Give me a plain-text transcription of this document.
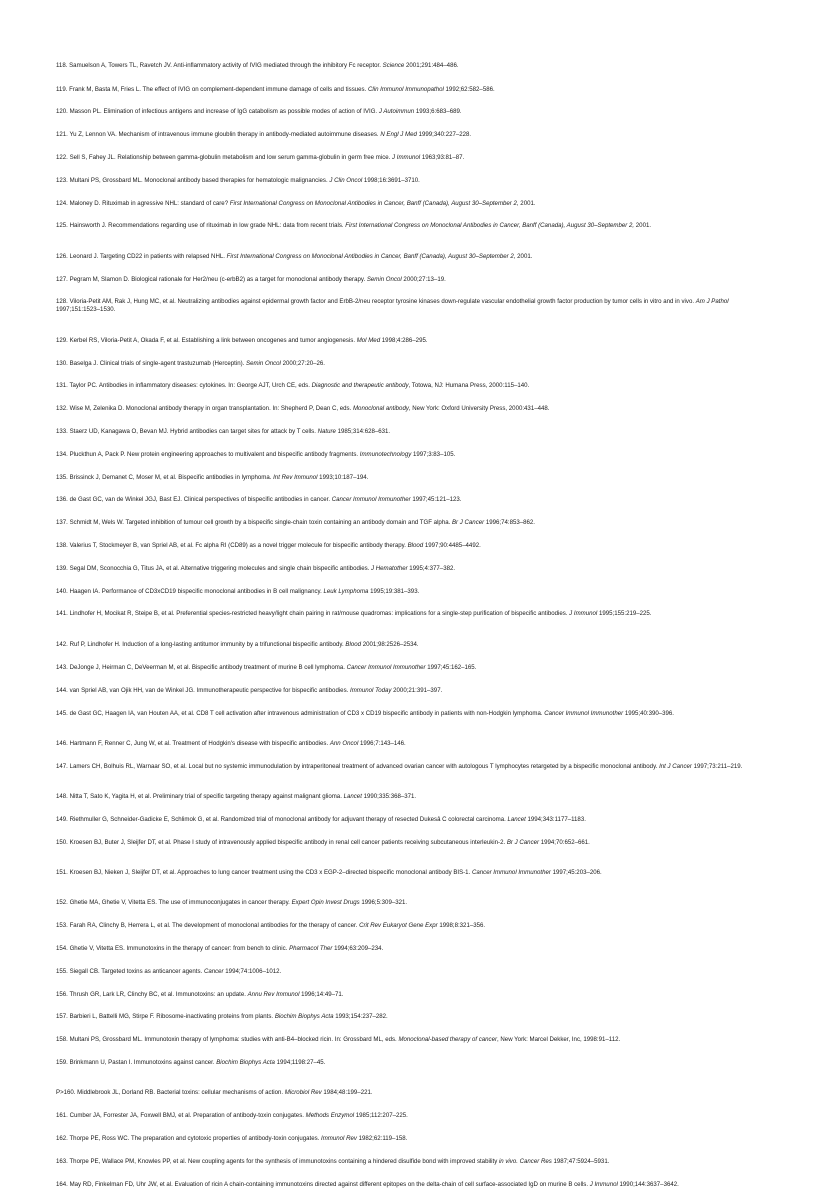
118. Samuelson A, Towers TL, Ravetch JV. Anti-inflammatory activity of IVIG mediated through the inhibitory Fc receptor. Science 2001;291:484–486.

119. Frank M, Basta M, Fries L. The effect of IVIG on complement-dependent immune damage of cells and tissues. Clin Immunol Immunopathol 1992;62:582–586.

120. Masson PL. Elimination of infectious antigens and increase of IgG catabolism as possible modes of action of IVIG. J Autoimmun 1993;6:683–689.

121. Yu Z, Lennon VA. Mechanism of intravenous immune gloublin therapy in antibody-mediated autoimmune diseases. N Engl J Med 1999;340:227–228.

122. Sell S, Fahey JL. Relationship between gamma-globulin metabolism and low serum gamma-globulin in germ free mice. J Immunol 1963;93:81–87.

123. Multani PS, Grossbard ML. Monoclonal antibody based therapies for hematologic malignancies. J Clin Oncol 1998;16:3691–3710.

124. Maloney D. Rituximab in agressive NHL: standard of care? First International Congress on Monoclonal Antibodies in Cancer, Banff (Canada), August 30–September 2, 2001.

125. Hainsworth J. Recommendations regarding use of rituximab in low grade NHL: data from recent trials. First International Congress on Monoclonal Antibodies in Cancer, Banff (Canada), August 30–September 2, 2001.

126. Leonard J. Targeting CD22 in patients with relapsed NHL. First International Congress on Monoclonal Antibodies in Cancer, Banff (Canada), August 30–September 2, 2001.

127. Pegram M, Slamon D. Biological rationale for Her2/neu (c-erbB2) as a target for monoclonal antibody therapy. Semin Oncol 2000;27:13–19.

128. Viloria-Petit AM, Rak J, Hung MC, et al. Neutralizing antibodies against epidermal growth factor and ErbB-2/neu receptor tyrosine kinases down-regulate vascular endothelial growth factor production by tumor cells in vitro and in vivo. Am J Pathol 1997;151:1523–1530.

129. Kerbel RS, Viloria-Petit A, Okada F, et al. Establishing a link between oncogenes and tumor angiogenesis. Mol Med 1998;4:286–295.

130. Baselga J. Clinical trials of single-agent trastuzumab (Herceptin). Semin Oncol 2000;27:20–26.

131. Taylor PC. Antibodies in inflammatory diseases: cytokines. In: George AJT, Urch CE, eds. Diagnostic and therapeutic antibody, Totowa, NJ: Humana Press, 2000:115–140.

132. Wise M, Zelenika D. Monoclonal antibody therapy in organ transplantation. In: Shepherd P, Dean C, eds. Monoclonal antibody, New York: Oxford University Press, 2000:431–448.

133. Staerz UD, Kanagawa O, Bevan MJ. Hybrid antibodies can target sites for attack by T cells. Nature 1985;314:628–631.

134. Pluckthun A, Pack P. New protein engineering approaches to multivalent and bispecific antibody fragments. Immunotechnology 1997;3:83–105.

135. Brissinck J, Demanet C, Moser M, et al. Bispecific antibodies in lymphoma. Int Rev Immunol 1993;10:187–194.

136. de Gast GC, van de Winkel JGJ, Bast EJ. Clinical perspectives of bispecific antibodies in cancer. Cancer Immunol Immunother 1997;45:121–123.

137. Schmidt M, Wels W. Targeted inhibition of tumour cell growth by a bispecific single-chain toxin containing an antibody domain and TGF alpha. Br J Cancer 1996;74:853–862.

138. Valerius T, Stockmeyer B, van Spriel AB, et al. Fc alpha RI (CD89) as a novel trigger molecule for bispecific antibody therapy. Blood 1997;90:4485–4492.

139. Segal DM, Sconocchia G, Titus JA, et al. Alternative triggering molecules and single chain bispecific antibodies. J Hematother 1995;4:377–382.

140. Haagen IA. Performance of CD3xCD19 bispecific monoclonal antibodies in B cell malignancy. Leuk Lymphoma 1995;19:381–393.

141. Lindhofer H, Mocikat R, Steipe B, et al. Preferential species-restricted heavy/light chain pairing in rat/mouse quadromas: implications for a single-step purification of bispecific antibodies. J Immunol 1995;155:219–225.

142. Ruf P, Lindhofer H. Induction of a long-lasting antitumor immunity by a trifunctional bispecific antibody. Blood 2001;98:2526–2534.

143. DeJonge J, Heirman C, DeVeerman M, et al. Bispecific antibody treatment of murine B cell lymphoma. Cancer Immunol Immunother 1997;45:162–165.

144. van Spriel AB, van Ojik HH, van de Winkel JG. Immunotherapeutic perspective for bispecific antibodies. Immunol Today 2000;21:391–397.

145. de Gast GC, Haagen IA, van Houten AA, et al. CD8 T cell activation after intravenous administration of CD3 x CD19 bispecific antibody in patients with non-Hodgkin lymphoma. Cancer Immunol Immunother 1995;40:390–396.

146. Hartmann F, Renner C, Jung W, et al. Treatment of Hodgkin's disease with bispecific antibodies. Ann Oncol 1996;7:143–146.

147. Lamers CH, Bolhuis RL, Warnaar SO, et al. Local but no systemic immunodulation by intraperitoneal treatment of advanced ovarian cancer with autologous T lymphocytes retargeted by a bispecific monoclonal antibody. Int J Cancer 1997;73:211–219.

148. Nitta T, Sato K, Yagita H, et al. Preliminary trial of specific targeting therapy against malignant glioma. Lancet 1990;335:368–371.

149. Riethmuller G, Schneider-Gadicke E, Schlimok G, et al. Randomized trial of monoclonal antibody for adjuvant therapy of resected Dukesâ C colorectal carcinoma. Lancet 1994;343:1177–1183.

150. Kroesen BJ, Buter J, Sleijfer DT, et al. Phase I study of intravenously applied bispecific antibody in renal cell cancer patients receiving subcutaneous interleukin-2. Br J Cancer 1994;70:652–661.

151. Kroesen BJ, Nieken J, Sleijfer DT, et al. Approaches to lung cancer treatment using the CD3 x EGP-2–directed bispecific monoclonal antibody BIS-1. Cancer Immunol Immunother 1997;45:203–206.

152. Ghetie MA, Ghetie V, Vitetta ES. The use of immunoconjugates in cancer therapy. Expert Opin Invest Drugs 1996;5:309–321.

153. Farah RA, Clinchy B, Herrera L, et al. The development of monoclonal antibodies for the therapy of cancer. Crit Rev Eukaryot Gene Expr 1998;8:321–356.

154. Ghetie V, Vitetta ES. Immunotoxins in the therapy of cancer: from bench to clinic. Pharmacol Ther 1994;63:209–234.

155. Siegall CB. Targeted toxins as anticancer agents. Cancer 1994;74:1006–1012.

156. Thrush GR, Lark LR, Clinchy BC, et al. Immunotoxins: an update. Annu Rev Immunol 1996;14:49–71.

157. Barbieri L, Battelli MG, Stirpe F. Ribosome-inactivating proteins from plants. Biochim Biophys Acta 1993;154:237–282.

158. Multani PS, Grossbard ML. Immunotoxin therapy of lymphoma: studies with anti-B4–blocked ricin. In: Grossbard ML, eds. Monoclonal-based therapy of cancer, New York: Marcel Dekker, Inc, 1998:91–112.

159. Brinkmann U, Pastan I. Immunotoxins against cancer. Biochim Biophys Acta 1994;1198:27–45.

P>160. Middlebrook JL, Dorland RB. Bacterial toxins: cellular mechanisms of action. Microbiol Rev 1984;48:199–221.

161. Cumber JA, Forrester JA, Foxwell BMJ, et al. Preparation of antibody-toxin conjugates. Methods Enzymol 1985;112:207–225.

162. Thorpe PE, Ross WC. The preparation and cytotoxic properties of antibody-toxin conjugates. Immunol Rev 1982;62:119–158.

163. Thorpe PE, Wallace PM, Knowles PP, et al. New coupling agents for the synthesis of immunotoxins containing a hindered disulfide bond with improved stability in vivo. Cancer Res 1987;47:5924–5931.

164. May RD, Finkelman FD, Uhr JW, et al. Evaluation of ricin A chain-containing immunotoxins directed against different epitopes on the delta-chain of cell surface-associated IgD on murine B cells. J Immunol 1990;144:3637–3642.
